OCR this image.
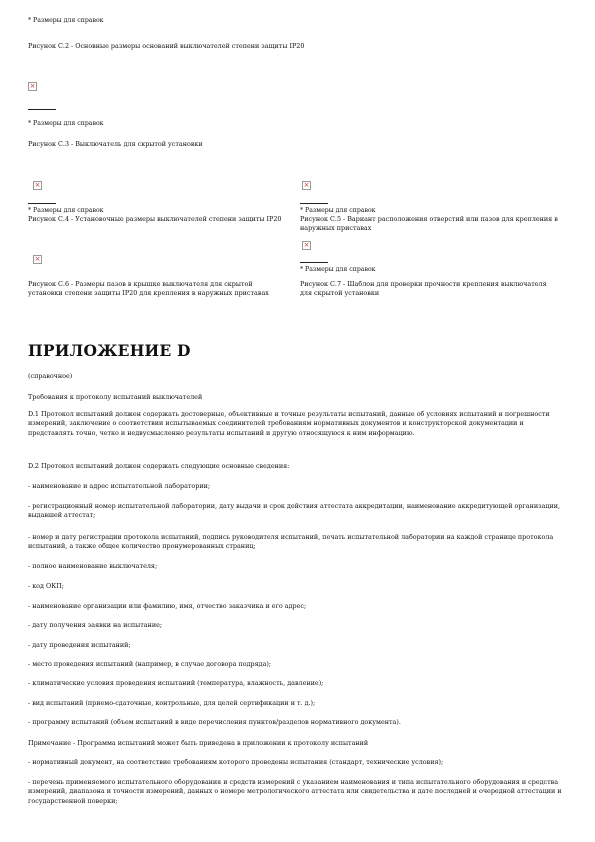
* Размеры для справок
Рисунок С.2 - Основные размеры оснований выключателей степени защиты IP20
×
* Размеры для справок
Рисунок С.3 - Выключатель для скрытой установки
×
* Размеры для справок
Рисунок С.4 - Установочные размеры выключателей степени защиты IP20
×
Рисунок С.6 - Размеры пазов в крышке выключателя для скрытой установки степени защиты IP20 для крепления в наружных приставах
×
* Размеры для справок
Рисунок С.5 - Вариант расположения отверстий или пазов для крепления в наружных приставах
×
* Размеры для справок
Рисунок С.7 - Шаблон для проверки прочности крепления выключателя для скрытой установки
ПРИЛОЖЕНИЕ D
(справочное)
Требования к протоколу испытаний выключателей
D.1 Протокол испытаний должен содержать достоверные, объективные и точные результаты испытаний, данные об условиях испытаний и погрешности измерений, заключение о соответствии испытываемых соединителей требованиям нормативных документов и конструкторской документации и представлять точно, четко и недвусмысленно результаты испытаний и другую относящуюся к ним информацию.
D.2 Протокол испытаний должен содержать следующие основные сведения:
- наименование и адрес испытательной лаборатории;
- регистрационный номер испытательной лаборатории, дату выдачи и срок действия аттестата аккредитации, наименование аккредитующей организации, выдавшей аттестат;
- номер и дату регистрации протокола испытаний, подпись руководителя испытаний, печать испытательной лаборатории на каждой странице протокола испытаний, а также общее количество пронумерованных страниц;
- полное наименование выключателя;
- код ОКП;
- наименование организации или фамилию, имя, отчество заказчика и его адрес;
- дату получения заявки на испытание;
- дату проведения испытаний;
- место проведения испытаний (например, в случае договора подряда);
- климатические условия проведения испытаний (температура, влажность, давление);
- вид испытаний (приемо-сдаточные, контрольные, для целей сертификации и т. д.);
- программу испытаний (объем испытаний в виде перечисления пунктов/разделов нормативного документа).
Примечание - Программа испытаний может быть приведена в приложении к протоколу испытаний
- нормативный документ, на соответствие требованиям которого проведены испытания (стандарт, технические условия);
- перечень применяемого испытательного оборудования и средств измерений с указанием наименования и типа испытательного оборудования и средства измерений, диапазона и точности измерений, данных о номере метрологического аттестата или свидетельства и дате последней и очередной аттестации и государственной поверки;
